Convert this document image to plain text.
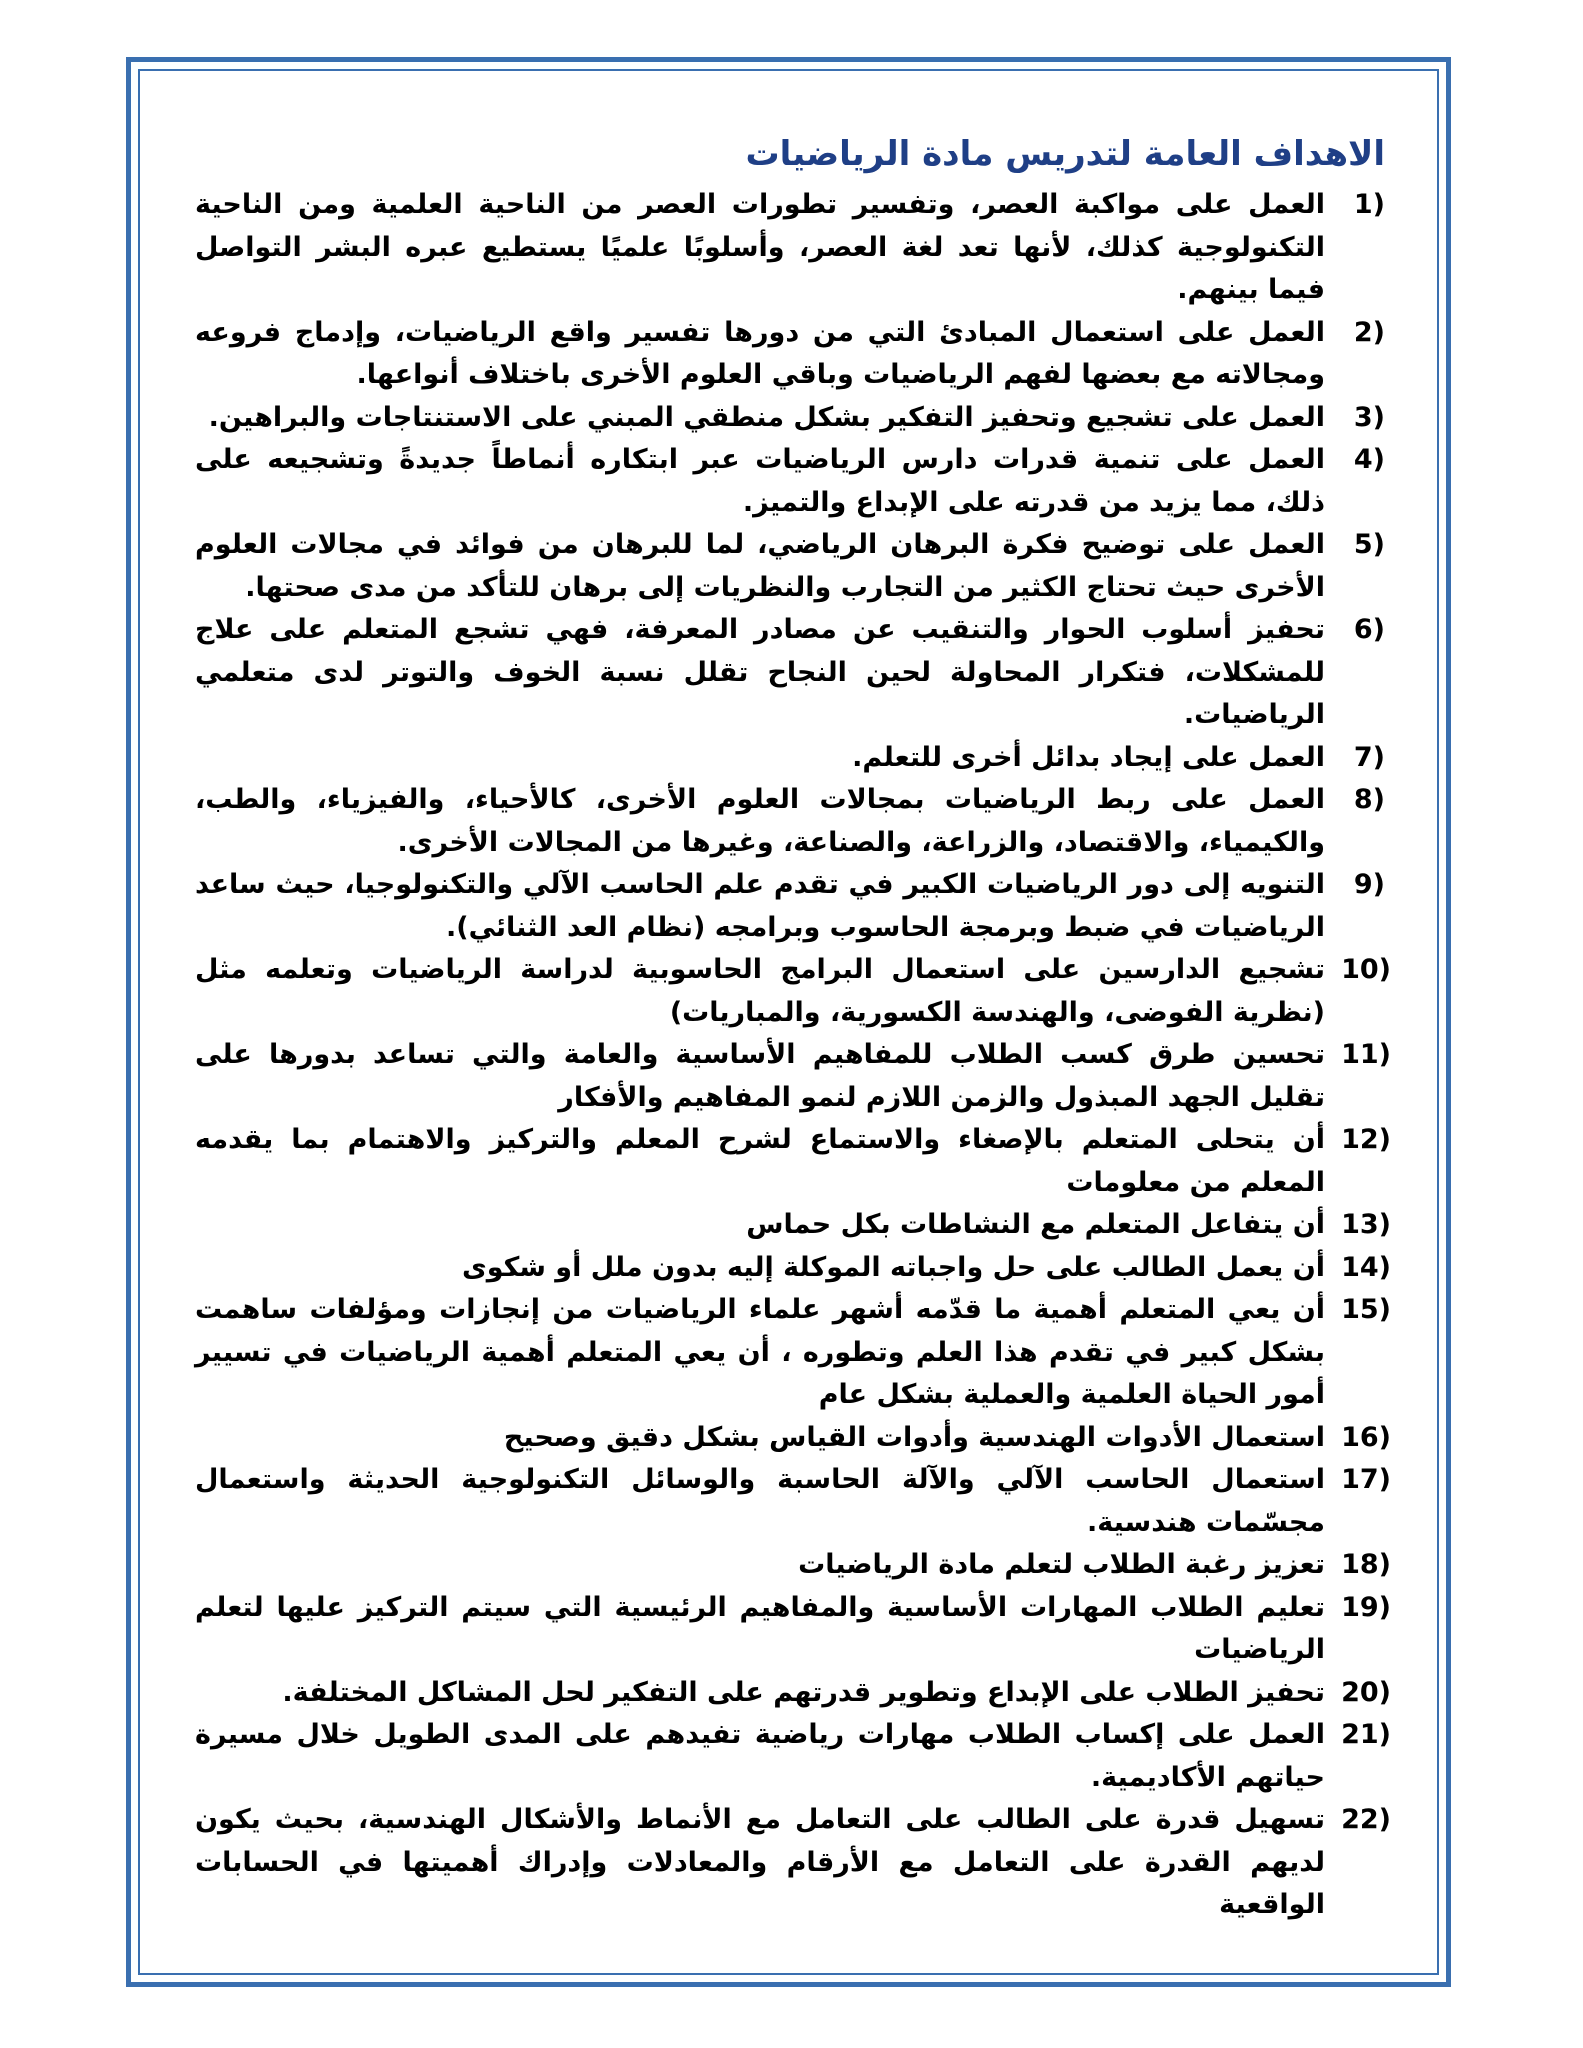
الاهداف العامة لتدريس مادة الرياضيات
1)
العمل على مواكبة العصر، وتفسير تطورات العصر من الناحية العلمية ومن الناحية التكنولوجية كذلك، لأنها تعد لغة العصر، وأسلوبًا علميًا يستطيع عبره البشر التواصل فيما بينهم.
2)
العمل على استعمال المبادئ التي من دورها تفسير واقع الرياضيات، وإدماج فروعه ومجالاته مع بعضها لفهم الرياضيات وباقي العلوم الأخرى باختلاف أنواعها.
3)
العمل على تشجيع وتحفيز التفكير بشكل منطقي المبني على الاستنتاجات والبراهين.
4)
العمل على تنمية قدرات دارس الرياضيات عبر ابتكاره أنماطاً جديدةً وتشجيعه على ذلك، مما يزيد من قدرته على الإبداع والتميز.
5)
العمل على توضيح فكرة البرهان الرياضي، لما للبرهان من فوائد في مجالات العلوم الأخرى حيث تحتاج الكثير من التجارب والنظريات إلى برهان للتأكد من مدى صحتها.
6)
تحفيز أسلوب الحوار والتنقيب عن مصادر المعرفة، فهي تشجع المتعلم على علاج للمشكلات، فتكرار المحاولة لحين النجاح تقلل نسبة الخوف والتوتر لدى متعلمي الرياضيات.
7)
العمل على إيجاد بدائل أخرى للتعلم.
8)
العمل على ربط الرياضيات بمجالات العلوم الأخرى، كالأحياء، والفيزياء، والطب، والكيمياء، والاقتصاد، والزراعة، والصناعة، وغيرها من المجالات الأخرى.
9)
التنويه إلى دور الرياضيات الكبير في تقدم علم الحاسب الآلي والتكنولوجيا، حيث ساعد الرياضيات في ضبط وبرمجة الحاسوب وبرامجه (نظام العد الثنائي).
10)
تشجيع الدارسين على استعمال البرامج الحاسوبية لدراسة الرياضيات وتعلمه مثل (نظرية الفوضى، والهندسة الكسورية، والمباريات)
11)
تحسين طرق كسب الطلاب للمفاهيم الأساسية والعامة والتي تساعد بدورها على تقليل الجهد المبذول والزمن اللازم لنمو المفاهيم والأفكار
12)
أن يتحلى المتعلم بالإصغاء والاستماع لشرح المعلم والتركيز والاهتمام بما يقدمه المعلم من معلومات
13)
أن يتفاعل المتعلم مع النشاطات بكل حماس
14)
أن يعمل الطالب على حل واجباته الموكلة إليه بدون ملل أو شكوى
15)
أن يعي المتعلم أهمية ما قدّمه أشهر علماء الرياضيات من إنجازات ومؤلفات ساهمت بشكل كبير في تقدم هذا العلم وتطوره ، أن يعي المتعلم أهمية الرياضيات في تسيير أمور الحياة العلمية والعملية بشكل عام
16)
استعمال الأدوات الهندسية وأدوات القياس بشكل دقيق وصحيح
17)
استعمال الحاسب الآلي والآلة الحاسبة والوسائل التكنولوجية الحديثة واستعمال مجسّمات هندسية.
18)
تعزيز رغبة الطلاب لتعلم مادة الرياضيات
19)
تعليم الطلاب المهارات الأساسية والمفاهيم الرئيسية التي سيتم التركيز عليها لتعلم الرياضيات
20)
تحفيز الطلاب على الإبداع وتطوير قدرتهم على التفكير لحل المشاكل المختلفة.
21)
العمل على إكساب الطلاب مهارات رياضية تفيدهم على المدى الطويل خلال مسيرة حياتهم الأكاديمية.
22)
تسهيل قدرة على الطالب على التعامل مع الأنماط والأشكال الهندسية، بحيث يكون لديهم القدرة على التعامل مع الأرقام والمعادلات وإدراك أهميتها في الحسابات الواقعية
